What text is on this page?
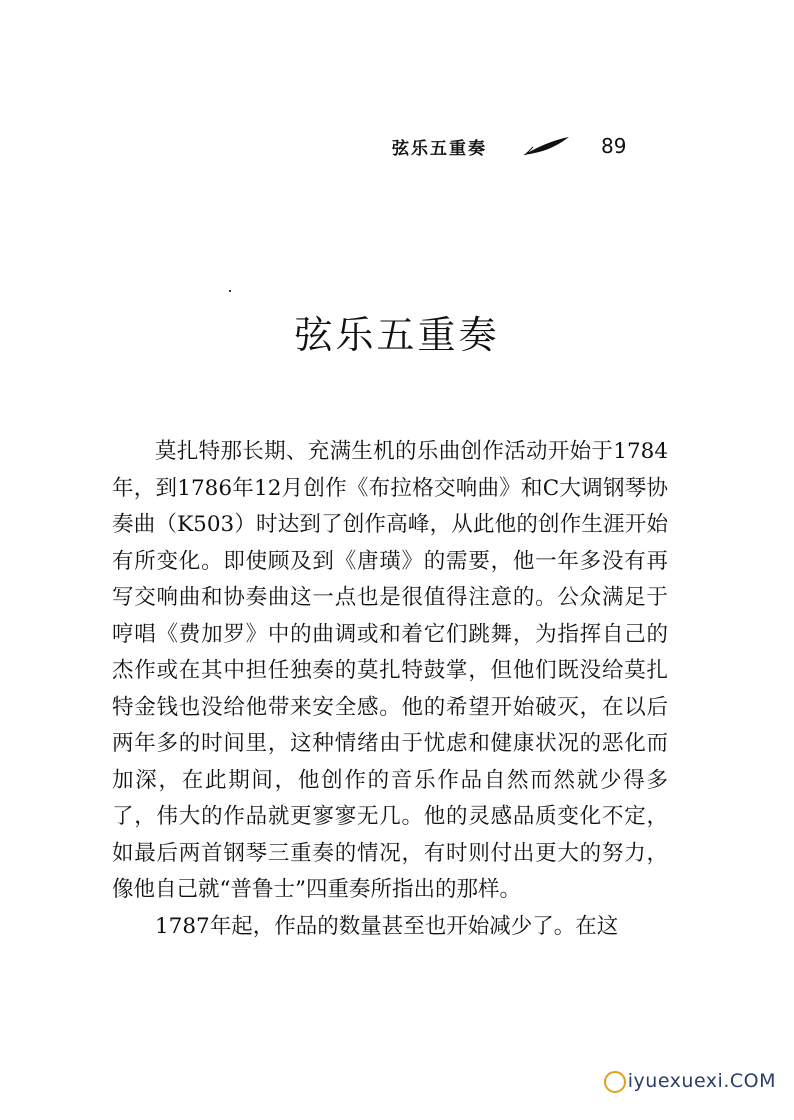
弦乐五重奏	89
弦乐五重奏

莫扎特那长期、充满生机的乐曲创作活动开始于1784年，到1786年12月创作《布拉格交响曲》和C大调钢琴协奏曲（K503）时达到了创作高峰，从此他的创作生涯开始有所变化。即使顾及到《唐璜》的需要，他一年多没有再写交响曲和协奏曲这一点也是很值得注意的。公众满足于哼唱《费加罗》中的曲调或和着它们跳舞，为指挥自己的杰作或在其中担任独奏的莫扎特鼓掌，但他们既没给莫扎特金钱也没给他带来安全感。他的希望开始破灭，在以后两年多的时间里，这种情绪由于忧虑和健康状况的恶化而加深，在此期间，他创作的音乐作品自然而然就少得多了，伟大的作品就更寥寥无几。他的灵感品质变化不定，如最后两首钢琴三重奏的情况，有时则付出更大的努力，像他自己就“普鲁士”四重奏所指出的那样。

1787年起，作品的数量甚至也开始减少了。在这

iyuexuexi.COM
